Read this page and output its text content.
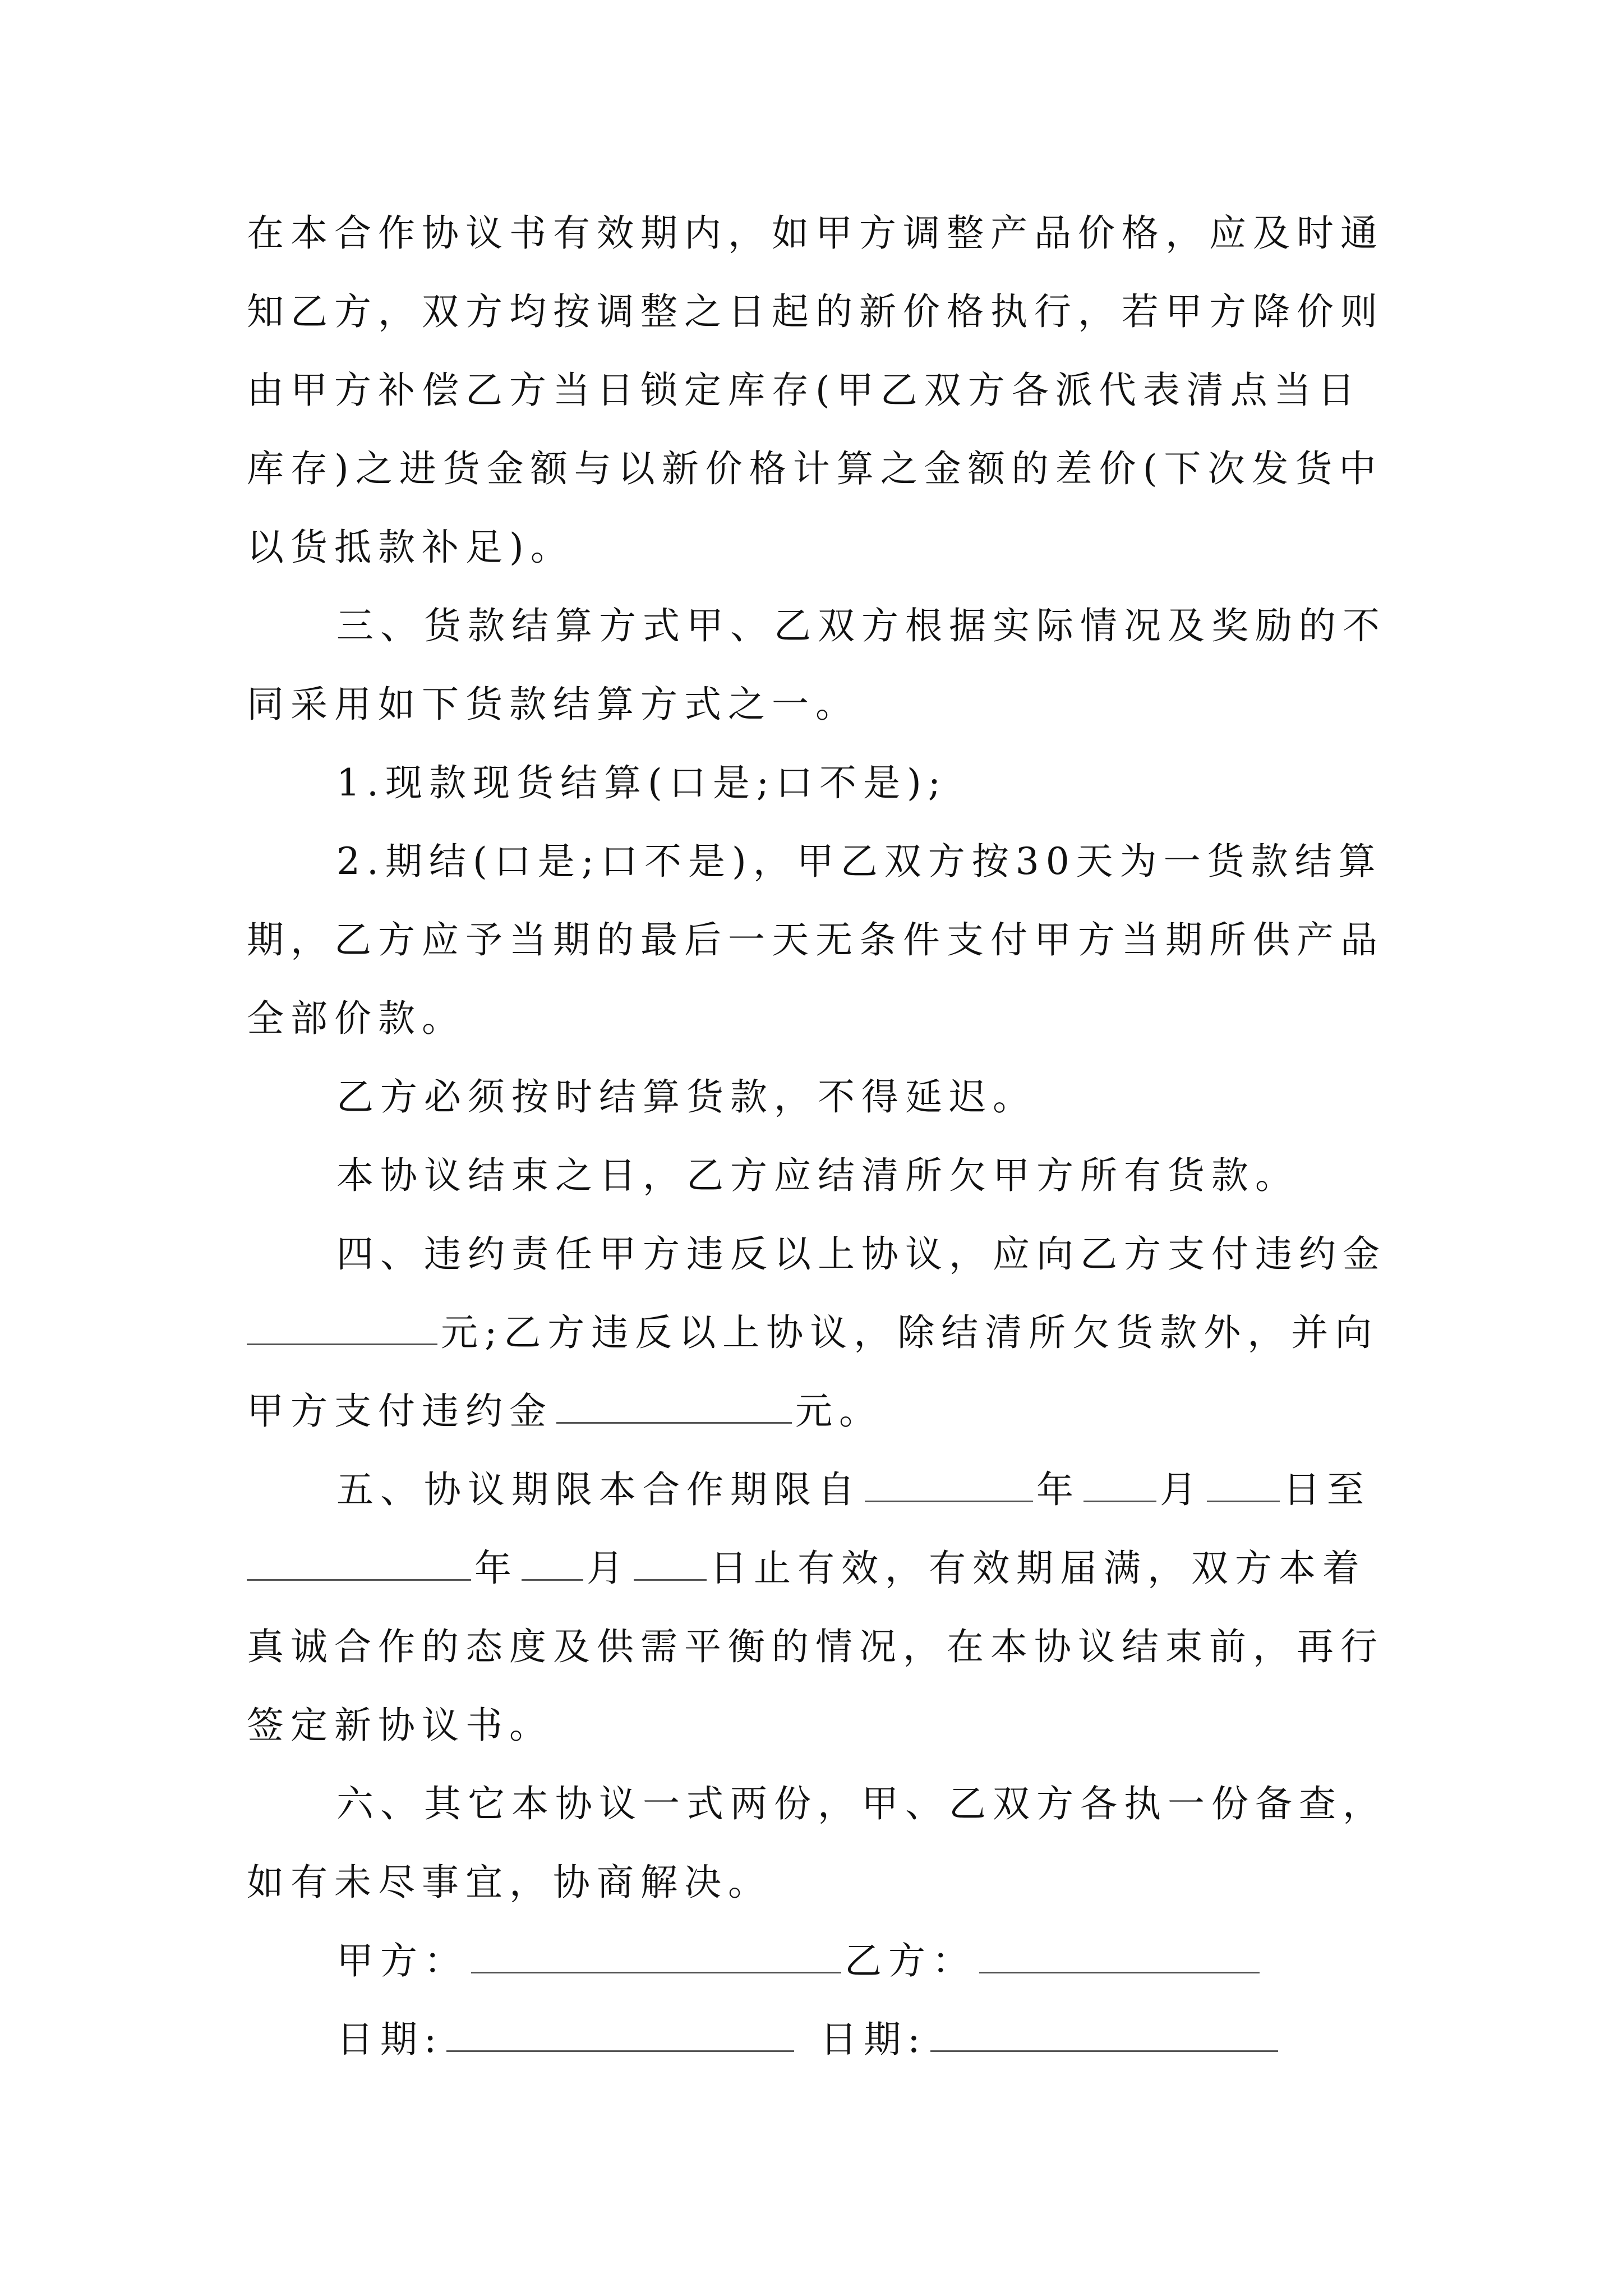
在本合作协议书有效期内，如甲方调整产品价格，应及时通
知乙方，双方均按调整之日起的新价格执行，若甲方降价则
由甲方补偿乙方当日锁定库存(甲乙双方各派代表清点当日
库存)之进货金额与以新价格计算之金额的差价(下次发货中
以货抵款补足)。
三、货款结算方式甲、乙双方根据实际情况及奖励的不
同采用如下货款结算方式之一。
1.现款现货结算(口是;口不是);
2.期结(口是;口不是)，甲乙双方按30天为一货款结算
期，乙方应予当期的最后一天无条件支付甲方当期所供产品
全部价款。
乙方必须按时结算货款，不得延迟。
本协议结束之日，乙方应结清所欠甲方所有货款。
四、违约责任甲方违反以上协议，应向乙方支付违约金
元;乙方违反以上协议，除结清所欠货款外，并向
甲方支付违约金	元。
五、协议期限本合作期限自	年 月 日至
年 月 日止有效，有效期届满，双方本着
真诚合作的态度及供需平衡的情况，在本协议结束前，再行
签定新协议书。
六、其它本协议一式两份，甲、乙双方各执一份备查，
如有未尽事宜，协商解决。
甲方：	乙方：
日期:	日期:
